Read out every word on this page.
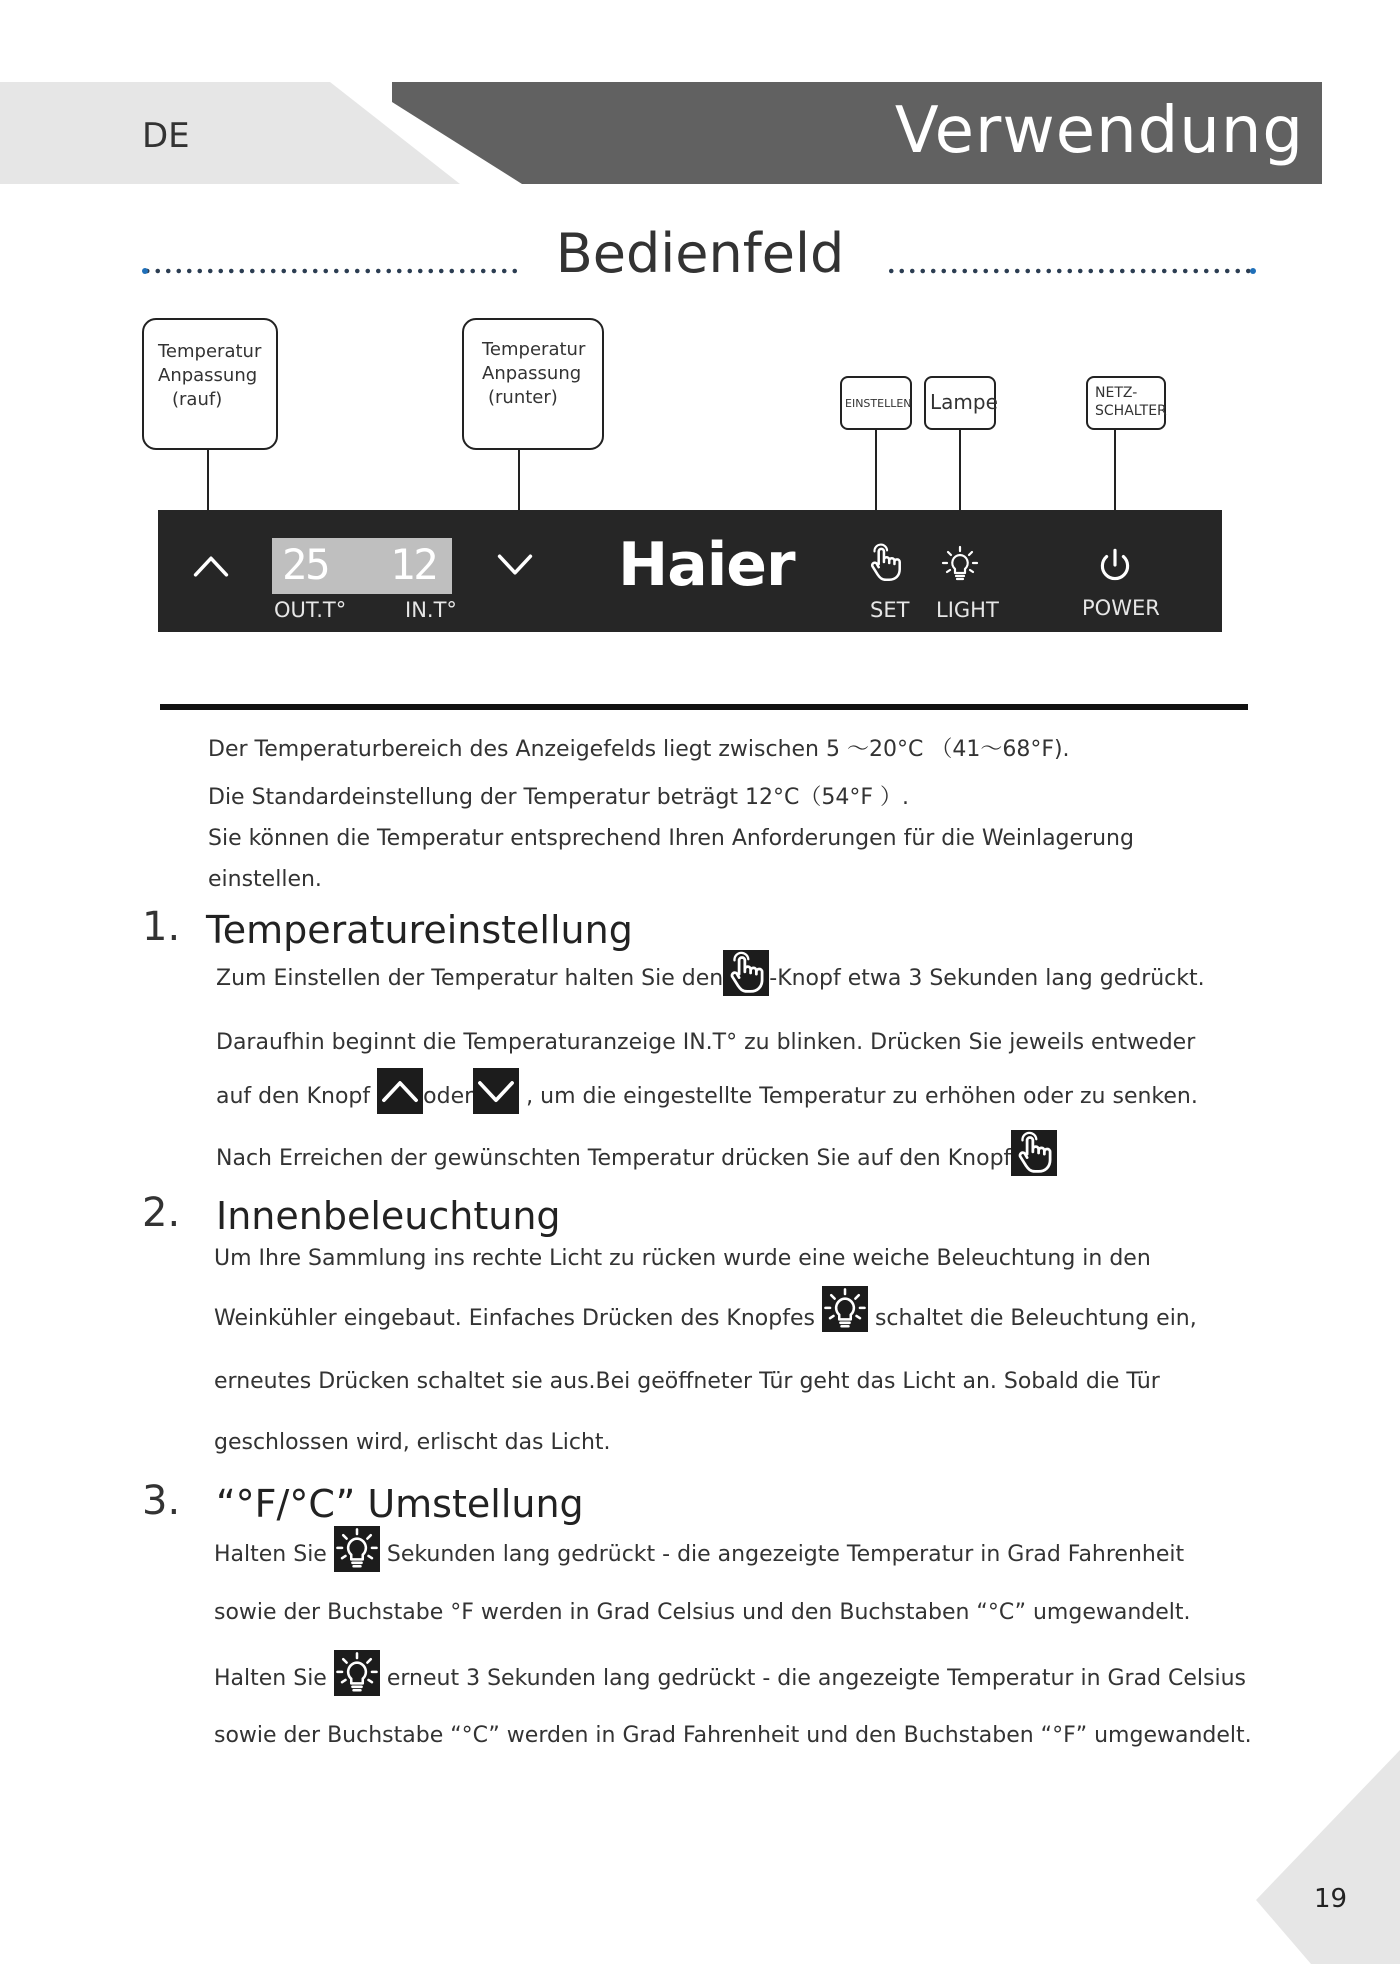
DE	Verwendung
Bedienfeld
Temperatur
Anpassung
(rauf)
Temperatur
Anpassung
(runter)	EINSTELLEN Lampe	NETZ-
SCHALTER
25 12
OUT.T°	IN.T°
Haier
SET LIGHT	POWER
Der Temperaturbereich des Anzeigefelds liegt zwischen 5 ～20°C （41～68°F).
Die Standardeinstellung der Temperatur beträgt 12°C（54°F ）.
Sie können die Temperatur entsprechend Ihren Anforderungen für die Weinlagerung
einstellen.
1. Temperatureinstellung
Zum Einstellen der Temperatur halten Sie den -Knopf etwa 3 Sekunden lang gedrückt.
Daraufhin beginnt die Temperaturanzeige IN.T° zu blinken. Drücken Sie jeweils entweder
auf den Knopf oder , um die eingestellte Temperatur zu erhöhen oder zu senken.
Nach Erreichen der gewünschten Temperatur drücken Sie auf den Knopf
2. Innenbeleuchtung
Um Ihre Sammlung ins rechte Licht zu rücken wurde eine weiche Beleuchtung in den
Weinkühler eingebaut. Einfaches Drücken des Knopfes	schaltet die Beleuchtung ein,
erneutes Drücken schaltet sie aus.Bei geöffneter Tür geht das Licht an. Sobald die Tür
geschlossen wird, erlischt das Licht.
3. “°F/°C” Umstellung
Halten Sie	Sekunden lang gedrückt - die angezeigte Temperatur in Grad Fahrenheit
sowie der Buchstabe °F werden in Grad Celsius und den Buchstaben “°C” umgewandelt.
Halten Sie	erneut 3 Sekunden lang gedrückt - die angezeigte Temperatur in Grad Celsius
sowie der Buchstabe “°C” werden in Grad Fahrenheit und den Buchstaben “°F” umgewandelt.
19
